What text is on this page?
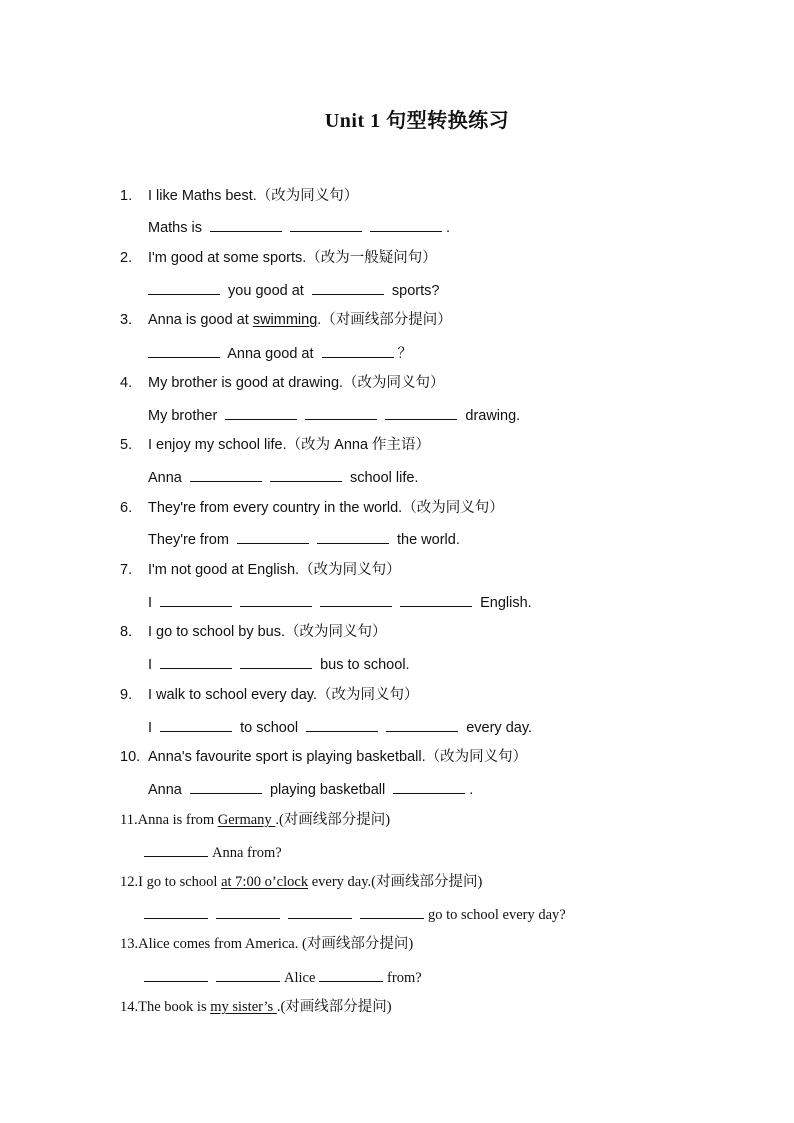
Unit 1 句型转换练习
1. I like Maths best.（改为同义句）
Maths is	.
2. I'm good at some sports.（改为一般疑问句）
you good at	sports?
3. Anna is good at swimming.（对画线部分提问）
Anna good at	？
4. My brother is good at drawing.（改为同义句）
My brother	drawing.
5. I enjoy my school life.（改为 Anna 作主语）
Anna	school life.
6. They're from every country in the world.（改为同义句）
They're from	the world.
7. I'm not good at English.（改为同义句）
I	English.
8. I go to school by bus.（改为同义句）
I	bus to school.
9. I walk to school every day.（改为同义句）
I	to school	every day.
10. Anna's favourite sport is playing basketball.（改为同义句）
Anna	playing basketball	.
11.Anna is from Germany .(对画线部分提问)
Anna from?
12.I go to school at 7:00 o’clock every day.(对画线部分提问)
go to school every day?
13.Alice comes from America. (对画线部分提问)
Alice	from?
14.The book is my sister’s .(对画线部分提问)
